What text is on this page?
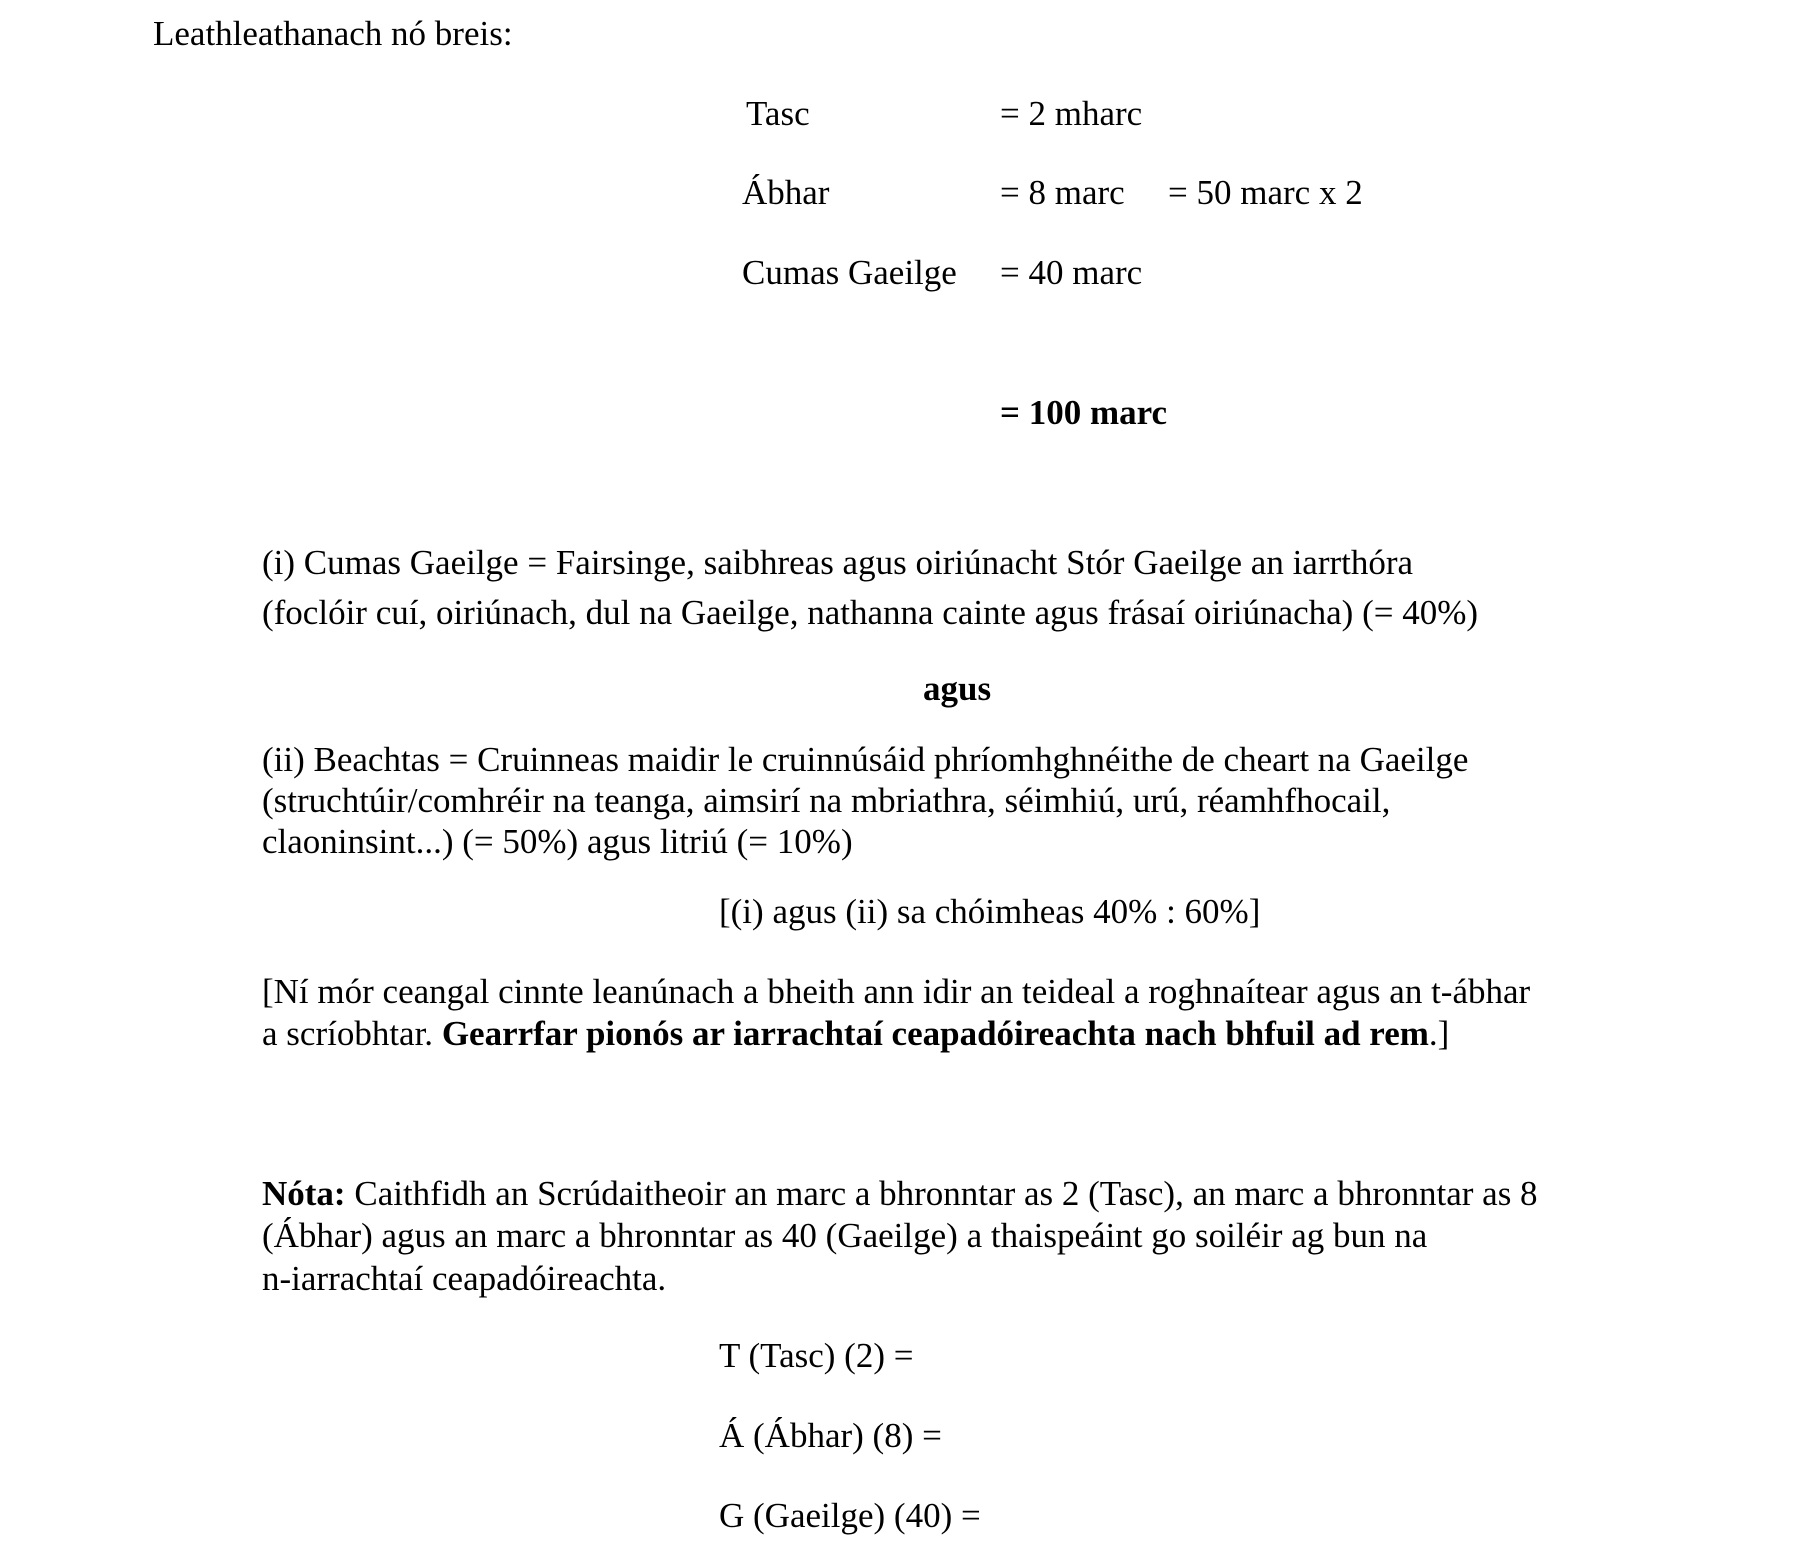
Leathleathanach nó breis:
Tasc	= 2 mharc
Ábhar	= 8 marc = 50 marc x 2
Cumas Gaeilge = 40 marc
= 100 marc
(i) Cumas Gaeilge = Fairsinge, saibhreas agus oiriúnacht Stór Gaeilge an iarrthóra
(foclóir cuí, oiriúnach, dul na Gaeilge, nathanna cainte agus frásaí oiriúnacha) (= 40%)
agus
(ii) Beachtas = Cruinneas maidir le cruinnúsáid phríomhghnéithe de cheart na Gaeilge
(struchtúir/comhréir na teanga, aimsirí na mbriathra, séimhiú, urú, réamhfhocail,
claoninsint...) (= 50%) agus litriú (= 10%)
[(i) agus (ii) sa chóimheas 40% : 60%]
[Ní mór ceangal cinnte leanúnach a bheith ann idir an teideal a roghnaítear agus an t-ábhar
a scríobhtar. Gearrfar pionós ar iarrachtaí ceapadóireachta nach bhfuil ad rem.]
Nóta: Caithfidh an Scrúdaitheoir an marc a bhronntar as 2 (Tasc), an marc a bhronntar as 8
(Ábhar) agus an marc a bhronntar as 40 (Gaeilge) a thaispeáint go soiléir ag bun na
n-iarrachtaí ceapadóireachta.
T (Tasc) (2) =
Á (Ábhar) (8) =
G (Gaeilge) (40) =
